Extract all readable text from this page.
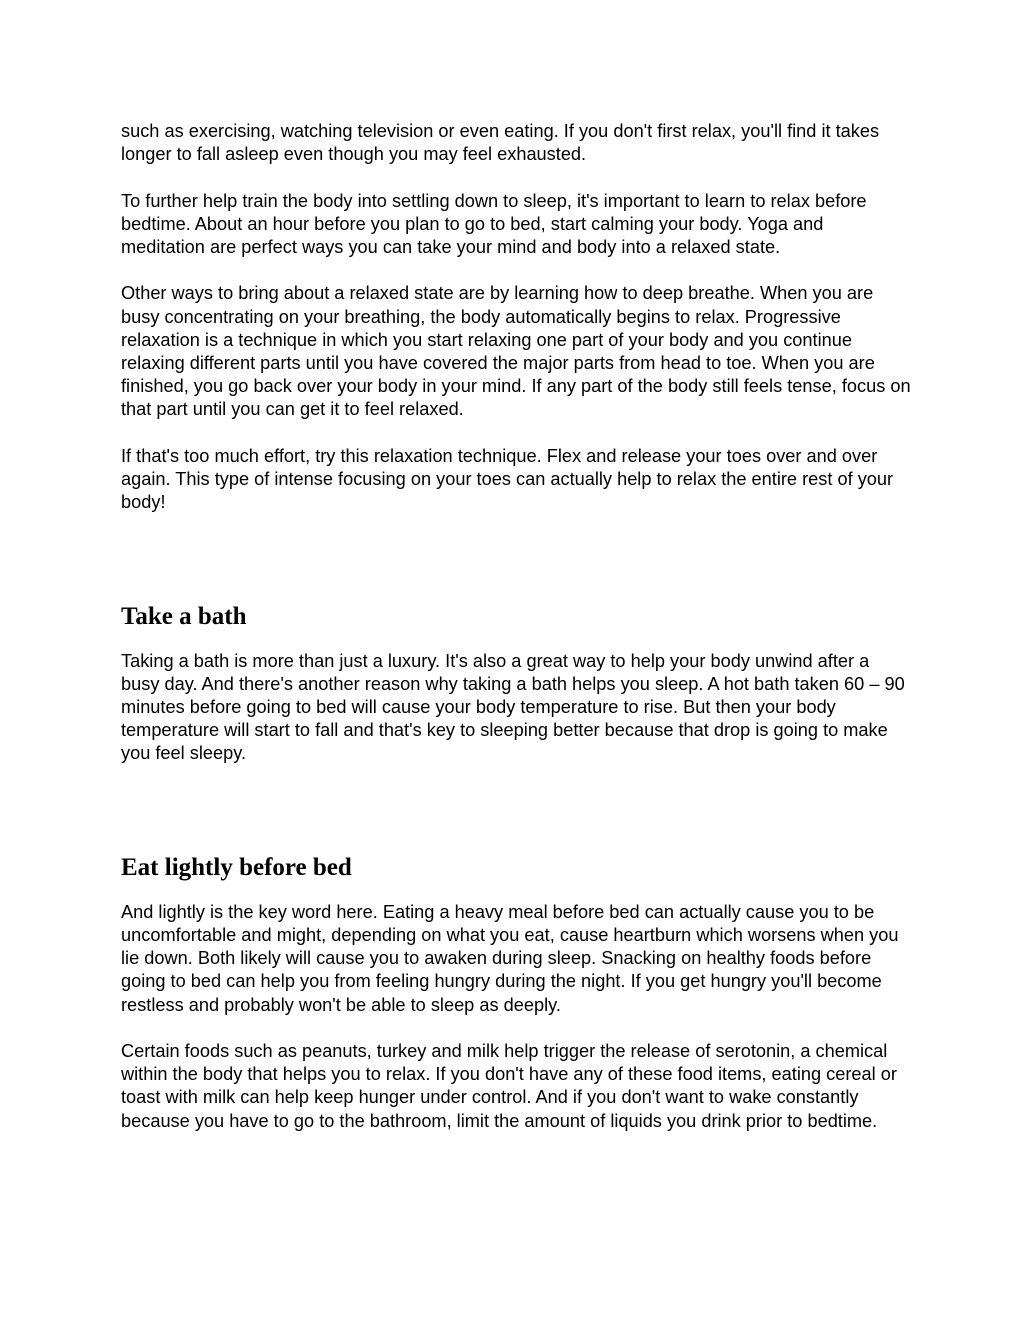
such as exercising, watching television or even eating. If you don't first relax, you'll find it takes longer to fall asleep even though you may feel exhausted.

To further help train the body into settling down to sleep, it's important to learn to relax before bedtime. About an hour before you plan to go to bed, start calming your body. Yoga and meditation are perfect ways you can take your mind and body into a relaxed state.

Other ways to bring about a relaxed state are by learning how to deep breathe. When you are busy concentrating on your breathing, the body automatically begins to relax. Progressive relaxation is a technique in which you start relaxing one part of your body and you continue relaxing different parts until you have covered the major parts from head to toe. When you are finished, you go back over your body in your mind. If any part of the body still feels tense, focus on that part until you can get it to feel relaxed.

If that's too much effort, try this relaxation technique. Flex and release your toes over and over again. This type of intense focusing on your toes can actually help to relax the entire rest of your body!

Take a bath

Taking a bath is more than just a luxury. It's also a great way to help your body unwind after a busy day. And there's another reason why taking a bath helps you sleep. A hot bath taken 60 – 90 minutes before going to bed will cause your body temperature to rise. But then your body temperature will start to fall and that's key to sleeping better because that drop is going to make you feel sleepy.

Eat lightly before bed

And lightly is the key word here. Eating a heavy meal before bed can actually cause you to be uncomfortable and might, depending on what you eat, cause heartburn which worsens when you lie down. Both likely will cause you to awaken during sleep. Snacking on healthy foods before going to bed can help you from feeling hungry during the night. If you get hungry you'll become restless and probably won't be able to sleep as deeply.

Certain foods such as peanuts, turkey and milk help trigger the release of serotonin, a chemical within the body that helps you to relax. If you don't have any of these food items, eating cereal or toast with milk can help keep hunger under control. And if you don't want to wake constantly because you have to go to the bathroom, limit the amount of liquids you drink prior to bedtime.
